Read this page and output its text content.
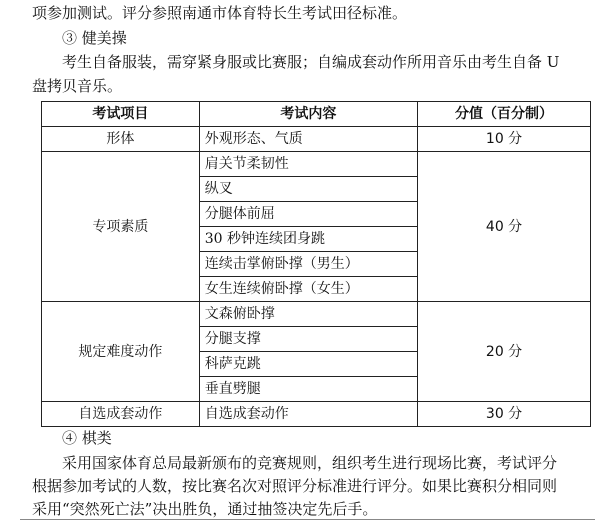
项参加测试。评分参照南通市体育特长生考试田径标准。
③ 健美操
考生自备服装，需穿紧身服或比赛服；自编成套动作所用音乐由考生自备 U
盘拷贝音乐。
考试项目	考试内容	分值（百分制）
形体	外观形态、气质	10 分
专项素质	肩关节柔韧性	40 分
	纵叉	
	分腿体前屈	
	30 秒钟连续团身跳	
	连续击掌俯卧撑（男生）	
	女生连续俯卧撑（女生）	
规定难度动作	文森俯卧撑	20 分
	分腿支撑	
	科萨克跳	
	垂直劈腿	
自选成套动作	自选成套动作	30 分
④ 棋类
采用国家体育总局最新颁布的竞赛规则，组织考生进行现场比赛，考试评分
根据参加考试的人数，按比赛名次对照评分标准进行评分。如果比赛积分相同则
采用“突然死亡法”决出胜负，通过抽签决定先后手。
